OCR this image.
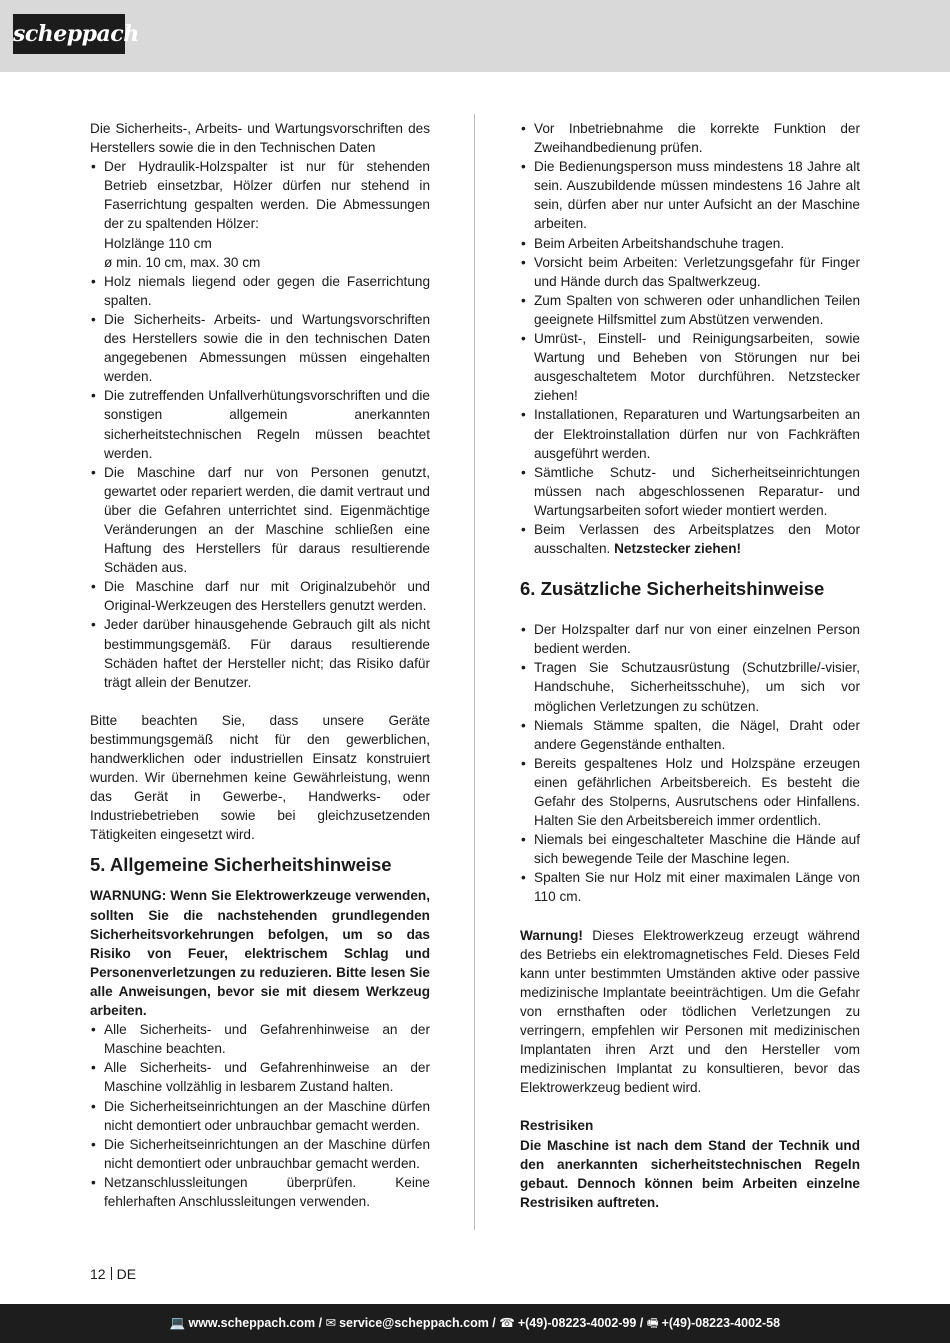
scheppach

Die Sicherheits-, Arbeits- und Wartungsvorschriften des Herstellers sowie die in den Technischen Daten

• Der Hydraulik-Holzspalter ist nur für stehenden Betrieb einsetzbar, Hölzer dürfen nur stehend in Faserrichtung gespalten werden. Die Abmessungen der zu spaltenden Hölzer:
Holzlänge 110 cm
ø min. 10 cm, max. 30 cm
• Holz niemals liegend oder gegen die Faserrichtung spalten.
• Die Sicherheits- Arbeits- und Wartungsvorschriften des Herstellers sowie die in den technischen Daten angegebenen Abmessungen müssen eingehalten werden.
• Die zutreffenden Unfallverhütungsvorschriften und die sonstigen allgemein anerkannten sicherheitstechnischen Regeln müssen beachtet werden.
• Die Maschine darf nur von Personen genutzt, gewartet oder repariert werden, die damit vertraut und über die Gefahren unterrichtet sind. Eigenmächtige Veränderungen an der Maschine schließen eine Haftung des Herstellers für daraus resultierende Schäden aus.
• Die Maschine darf nur mit Originalzubehör und Original-Werkzeugen des Herstellers genutzt werden.
• Jeder darüber hinausgehende Gebrauch gilt als nicht bestimmungsgemäß. Für daraus resultierende Schäden haftet der Hersteller nicht; das Risiko dafür trägt allein der Benutzer.

Bitte beachten Sie, dass unsere Geräte bestimmungsgemäß nicht für den gewerblichen, handwerklichen oder industriellen Einsatz konstruiert wurden. Wir übernehmen keine Gewährleistung, wenn das Gerät in Gewerbe-, Handwerks- oder Industriebetrieben sowie bei gleichzusetzenden Tätigkeiten eingesetzt wird.

5. Allgemeine Sicherheitshinweise

WARNUNG: Wenn Sie Elektrowerkzeuge verwenden, sollten Sie die nachstehenden grundlegenden Sicherheitsvorkehrungen befolgen, um so das Risiko von Feuer, elektrischem Schlag und Personenverletzungen zu reduzieren. Bitte lesen Sie alle Anweisungen, bevor sie mit diesem Werkzeug arbeiten.

• Alle Sicherheits- und Gefahrenhinweise an der Maschine beachten.
• Alle Sicherheits- und Gefahrenhinweise an der Maschine vollzählig in lesbarem Zustand halten.
• Die Sicherheitseinrichtungen an der Maschine dürfen nicht demontiert oder unbrauchbar gemacht werden.
• Die Sicherheitseinrichtungen an der Maschine dürfen nicht demontiert oder unbrauchbar gemacht werden.
• Netzanschlussleitungen überprüfen. Keine fehlerhaften Anschlussleitungen verwenden.
• Vor Inbetriebnahme die korrekte Funktion der Zweihandbedienung prüfen.
• Die Bedienungsperson muss mindestens 18 Jahre alt sein. Auszubildende müssen mindestens 16 Jahre alt sein, dürfen aber nur unter Aufsicht an der Maschine arbeiten.
• Beim Arbeiten Arbeitshandschuhe tragen.
• Vorsicht beim Arbeiten: Verletzungsgefahr für Finger und Hände durch das Spaltwerkzeug.
• Zum Spalten von schweren oder unhandlichen Teilen geeignete Hilfsmittel zum Abstützen verwenden.
• Umrüst-, Einstell- und Reinigungsarbeiten, sowie Wartung und Beheben von Störungen nur bei ausgeschaltetem Motor durchführen. Netzstecker ziehen!
• Installationen, Reparaturen und Wartungsarbeiten an der Elektroinstallation dürfen nur von Fachkräften ausgeführt werden.
• Sämtliche Schutz- und Sicherheitseinrichtungen müssen nach abgeschlossenen Reparatur- und Wartungsarbeiten sofort wieder montiert werden.
• Beim Verlassen des Arbeitsplatzes den Motor ausschalten. Netzstecker ziehen!
6. Zusätzliche Sicherheitshinweise
• Der Holzspalter darf nur von einer einzelnen Person bedient werden.
• Tragen Sie Schutzausrüstung (Schutzbrille/-visier, Handschuhe, Sicherheitsschuhe), um sich vor möglichen Verletzungen zu schützen.
• Niemals Stämme spalten, die Nägel, Draht oder andere Gegenstände enthalten.
• Bereits gespaltenes Holz und Holzspäne erzeugen einen gefährlichen Arbeitsbereich. Es besteht die Gefahr des Stolperns, Ausrutschens oder Hinfallens. Halten Sie den Arbeitsbereich immer ordentlich.
• Niemals bei eingeschalteter Maschine die Hände auf sich bewegende Teile der Maschine legen.
• Spalten Sie nur Holz mit einer maximalen Länge von 110 cm.

Warnung! Dieses Elektrowerkzeug erzeugt während des Betriebs ein elektromagnetisches Feld. Dieses Feld kann unter bestimmten Umständen aktive oder passive medizinische Implantate beeinträchtigen. Um die Gefahr von ernsthaften oder tödlichen Verletzungen zu verringern, empfehlen wir Personen mit medizinischen Implantaten ihren Arzt und den Hersteller vom medizinischen Implantat zu konsultieren, bevor das Elektrowerkzeug bedient wird.

Restrisiken

Die Maschine ist nach dem Stand der Technik und den anerkannten sicherheitstechnischen Regeln gebaut. Dennoch können beim Arbeiten einzelne Restrisiken auftreten.

12 DE
💻 www.scheppach.com / ✉ service@scheppach.com / ☎ +(49)-08223-4002-99 / 🖷 +(49)-08223-4002-58
